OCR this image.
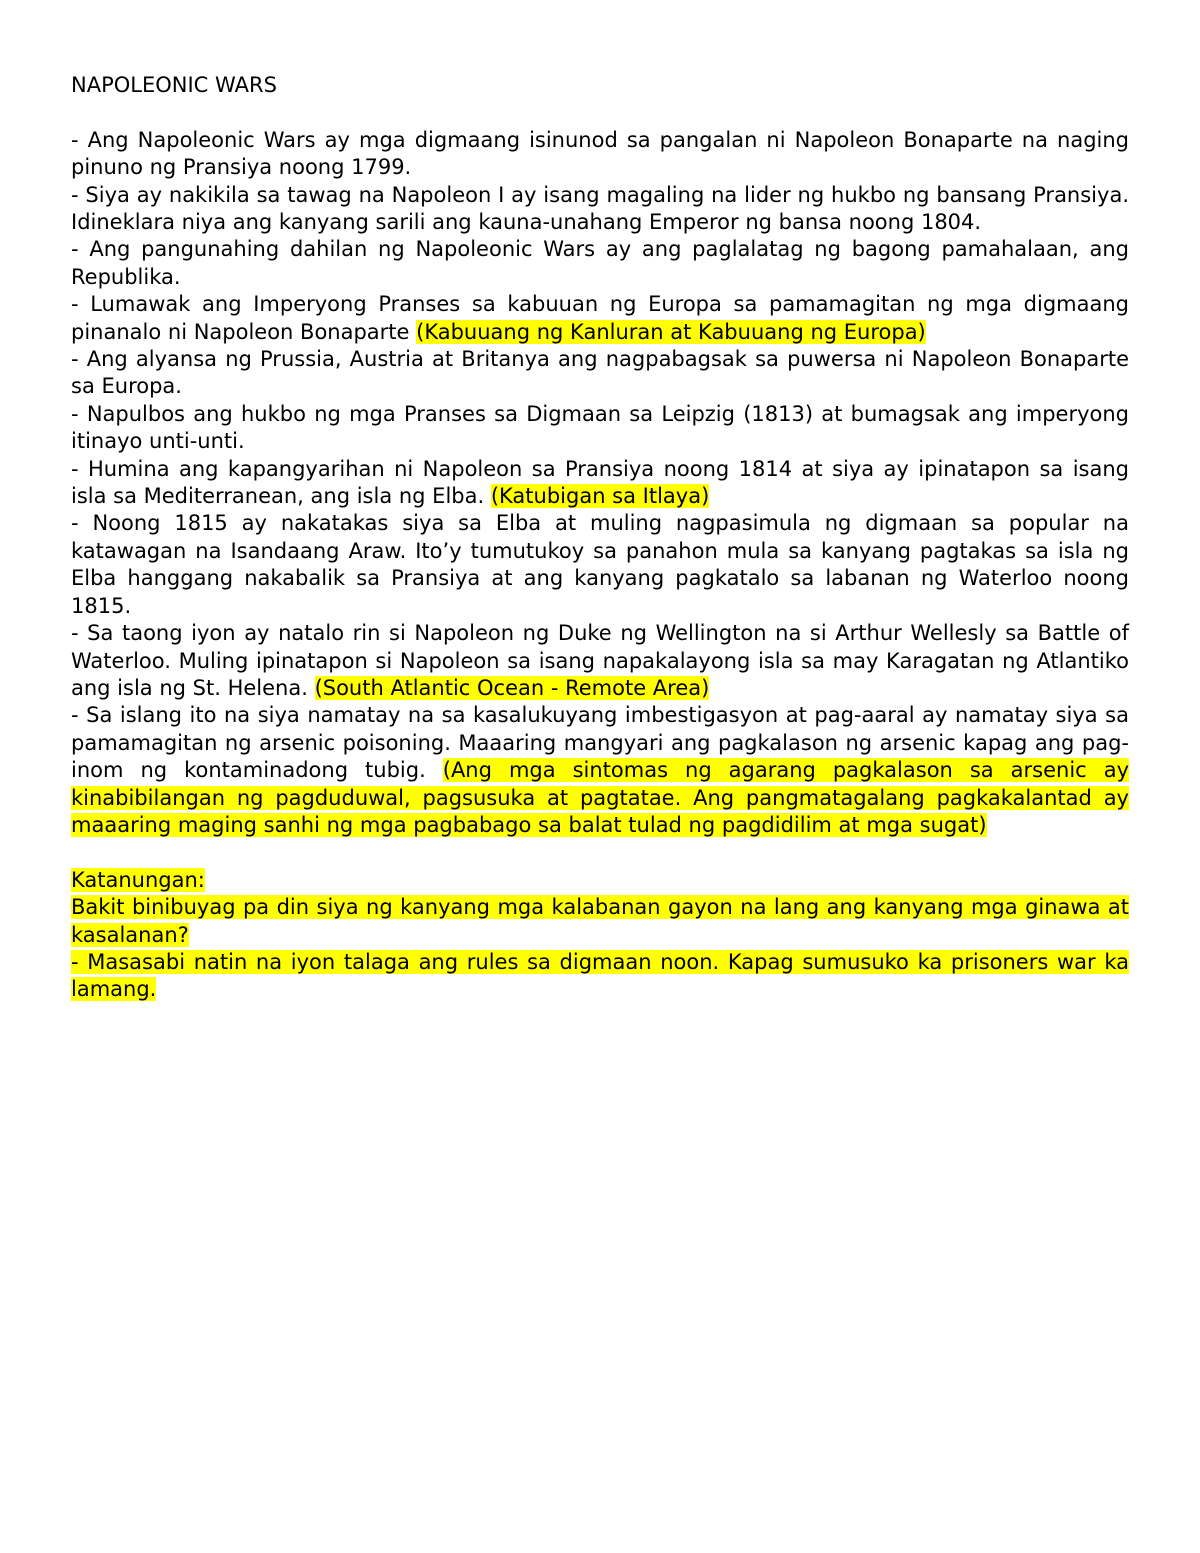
NAPOLEONIC WARS

- Ang Napoleonic Wars ay mga digmaang isinunod sa pangalan ni Napoleon Bonaparte na naging pinuno ng Pransiya noong 1799.

- Siya ay nakikila sa tawag na Napoleon I ay isang magaling na lider ng hukbo ng bansang Pransiya. Idineklara niya ang kanyang sarili ang kauna-unahang Emperor ng bansa noong 1804.

- Ang pangunahing dahilan ng Napoleonic Wars ay ang paglalatag ng bagong pamahalaan, ang Republika.

- Lumawak ang Imperyong Pranses sa kabuuan ng Europa sa pamamagitan ng mga digmaang pinanalo ni Napoleon Bonaparte (Kabuuang ng Kanluran at Kabuuang ng Europa)

- Ang alyansa ng Prussia, Austria at Britanya ang nagpabagsak sa puwersa ni Napoleon Bonaparte sa Europa.

- Napulbos ang hukbo ng mga Pranses sa Digmaan sa Leipzig (1813) at bumagsak ang imperyong itinayo unti-unti.

- Humina ang kapangyarihan ni Napoleon sa Pransiya noong 1814 at siya ay ipinatapon sa isang isla sa Mediterranean, ang isla ng Elba. (Katubigan sa Itlaya)

- Noong 1815 ay nakatakas siya sa Elba at muling nagpasimula ng digmaan sa popular na katawagan na Isandaang Araw. Ito’y tumutukoy sa panahon mula sa kanyang pagtakas sa isla ng Elba hanggang nakabalik sa Pransiya at ang kanyang pagkatalo sa labanan ng Waterloo noong 1815.

- Sa taong iyon ay natalo rin si Napoleon ng Duke ng Wellington na si Arthur Wellesly sa Battle of Waterloo. Muling ipinatapon si Napoleon sa isang napakalayong isla sa may Karagatan ng Atlantiko ang isla ng St. Helena. (South Atlantic Ocean - Remote Area)

- Sa islang ito na siya namatay na sa kasalukuyang imbestigasyon at pag-aaral ay namatay siya sa pamamagitan ng arsenic poisoning. Maaaring mangyari ang pagkalason ng arsenic kapag ang pag-inom ng kontaminadong tubig. (Ang mga sintomas ng agarang pagkalason sa arsenic ay kinabibilangan ng pagduduwal, pagsusuka at pagtatae. Ang pangmatagalang pagkakalantad ay maaaring maging sanhi ng mga pagbabago sa balat tulad ng pagdidilim at mga sugat)

Katanungan:

Bakit binibuyag pa din siya ng kanyang mga kalabanan gayon na lang ang kanyang mga ginawa at kasalanan?

- Masasabi natin na iyon talaga ang rules sa digmaan noon. Kapag sumusuko ka prisoners war ka lamang.
